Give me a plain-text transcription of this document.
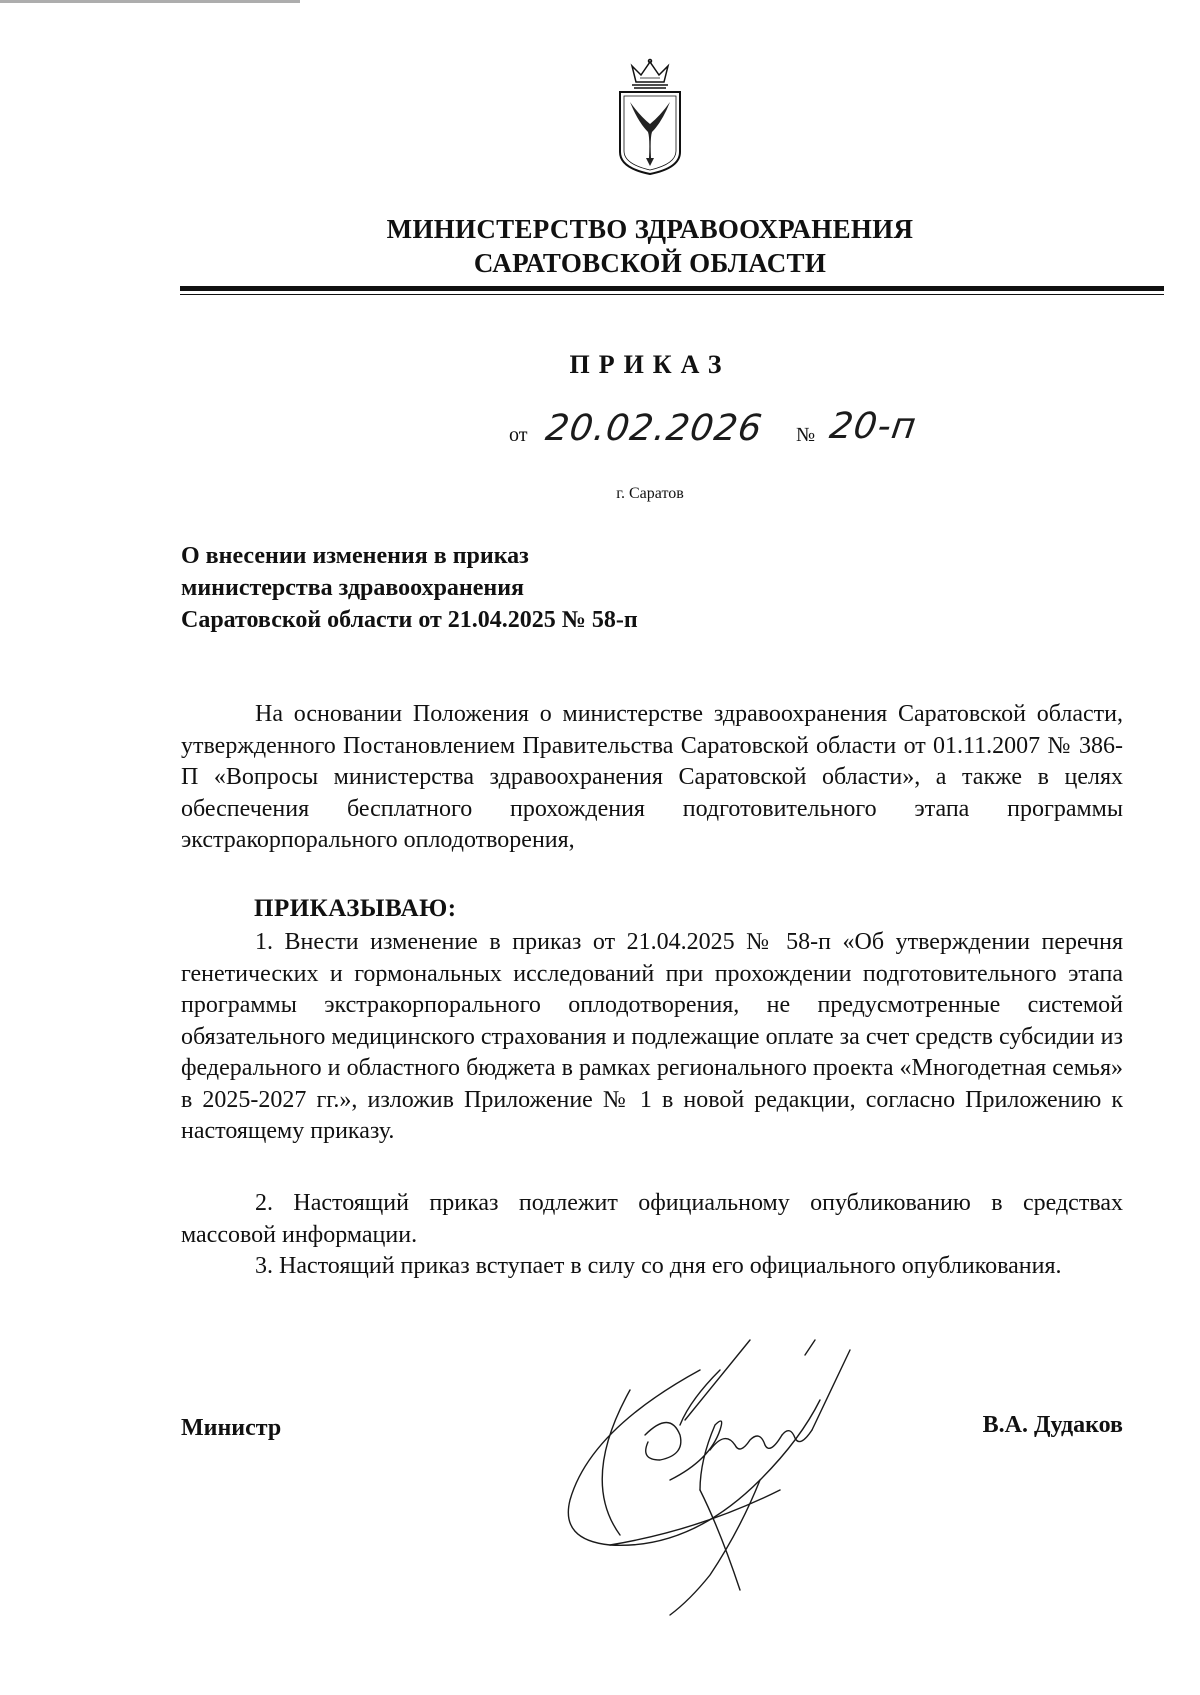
МИНИСТЕРСТВО ЗДРАВООХРАНЕНИЯ
САРАТОВСКОЙ ОБЛАСТИ
ПРИКАЗ
от 20.02.2026 № 20-п
г. Саратов
О внесении изменения в приказ
министерства здравоохранения
Саратовской области от 21.04.2025 № 58-п
На основании Положения о министерстве здравоохранения Саратовской области, утвержденного Постановлением Правительства Саратовской области от 01.11.2007 № 386-П «Вопросы министерства здравоохранения Саратовской области», а также в целях обеспечения бесплатного прохождения подготовительного этапа программы экстракорпорального оплодотворения,
ПРИКАЗЫВАЮ:
1. Внести изменение в приказ от 21.04.2025 № 58-п «Об утверждении перечня генетических и гормональных исследований при прохождении подготовительного этапа программы экстракорпорального оплодотворения, не предусмотренные системой обязательного медицинского страхования и подлежащие оплате за счет средств субсидии из федерального и областного бюджета в рамках регионального проекта «Многодетная семья» в 2025-2027 гг.», изложив Приложение № 1 в новой редакции, согласно Приложению к настоящему приказу.
2. Настоящий приказ подлежит официальному опубликованию в средствах массовой информации.
3. Настоящий приказ вступает в силу со дня его официального опубликования.
Министр	В.А. Дудаков
